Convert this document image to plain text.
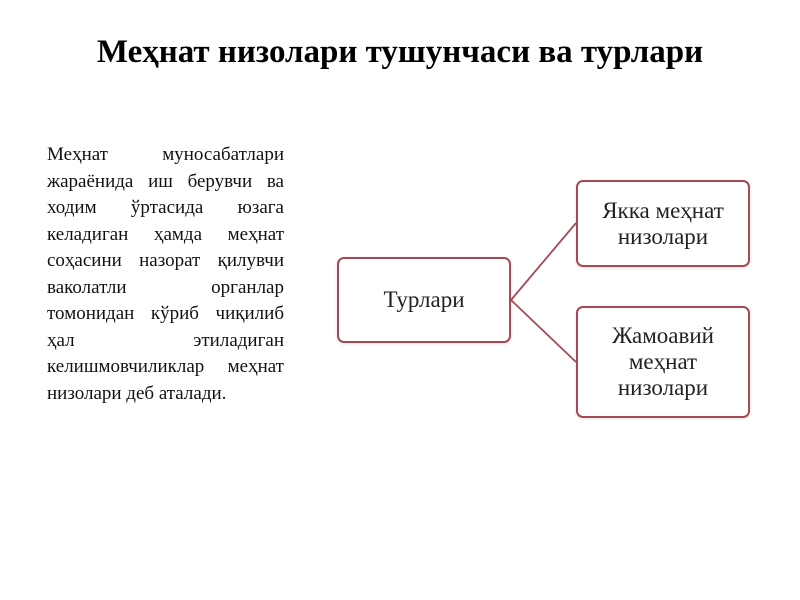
Меҳнат низолари тушунчаси ва турлари
Меҳнат муносабатлари жараёнида иш берувчи ва ходим ўртасида юзага келадиган ҳамда меҳнат соҳасини назорат қилувчи ваколатли органлар томонидан кўриб чиқилиб ҳал этиладиган келишмовчиликлар меҳнат низолари деб аталади.
Турлари
Якка меҳнат низолари
Жамоавий меҳнат низолари
